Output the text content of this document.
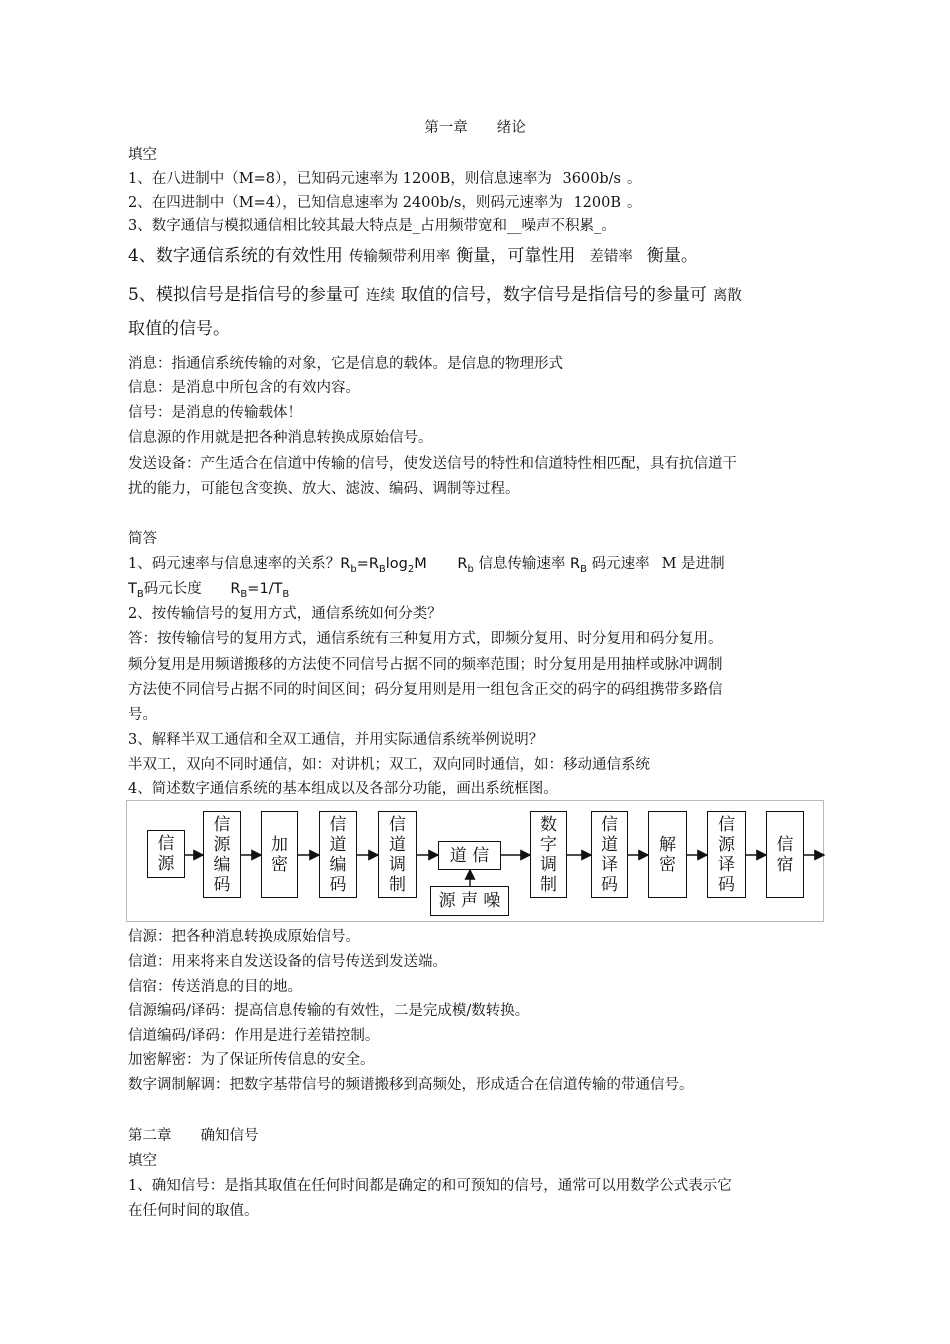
第一章　　绪论
填空
1、在八进制中（M=8），已知码元速率为 1200B，则信息速率为 3600b/s 。
2、在四进制中（M=4），已知信息速率为 2400b/s，则码元速率为 1200B 。
3、数字通信与模拟通信相比较其最大特点是_占用频带宽和__噪声不积累_。
4、数字通信系统的有效性用 传输频带利用率 衡量，可靠性用 差错率 衡量。
5、模拟信号是指信号的参量可 连续 取值的信号，数字信号是指信号的参量可 离散
取值的信号。
消息：指通信系统传输的对象，它是信息的载体。是信息的物理形式
信息：是消息中所包含的有效内容。
信号：是消息的传输载体！
信息源的作用就是把各种消息转换成原始信号。
发送设备：产生适合在信道中传输的信号，使发送信号的特性和信道特性相匹配，具有抗信道干
扰的能力，可能包含变换、放大、滤波、编码、调制等过程。
简答
1、码元速率与信息速率的关系？$R_b=R_B\log_2M$ $R_b$ 信息传输速率 $R_B$ 码元速率 M 是进制
$T_B$码元长度 $R_B=1/T_B$
2、按传输信号的复用方式，通信系统如何分类？
答：按传输信号的复用方式，通信系统有三种复用方式，即频分复用、时分复用和码分复用。
频分复用是用频谱搬移的方法使不同信号占据不同的频率范围；时分复用是用抽样或脉冲调制
方法使不同信号占据不同的时间区间；码分复用则是用一组包含正交的码字的码组携带多路信
号。
3、解释半双工通信和全双工通信，并用实际通信系统举例说明？
半双工，双向不同时通信，如：对讲机；双工，双向同时通信，如：移动通信系统
4、简述数字通信系统的基本组成以及各部分功能，画出系统框图。
信
源
信
源
编
码
加
密
信
道
编
码
信
道
调
制
道 信
源 声 噪
数
字
调
制
信
道
译
码
解
密
信
源
译
码
信
宿
信源：把各种消息转换成原始信号。
信道：用来将来自发送设备的信号传送到发送端。
信宿：传送消息的目的地。
信源编码/译码：提高信息传输的有效性，二是完成模/数转换。
信道编码/译码：作用是进行差错控制。
加密解密：为了保证所传信息的安全。
数字调制解调：把数字基带信号的频谱搬移到高频处，形成适合在信道传输的带通信号。
第二章　　确知信号
填空
1、确知信号：是指其取值在任何时间都是确定的和可预知的信号，通常可以用数学公式表示它
在任何时间的取值。
